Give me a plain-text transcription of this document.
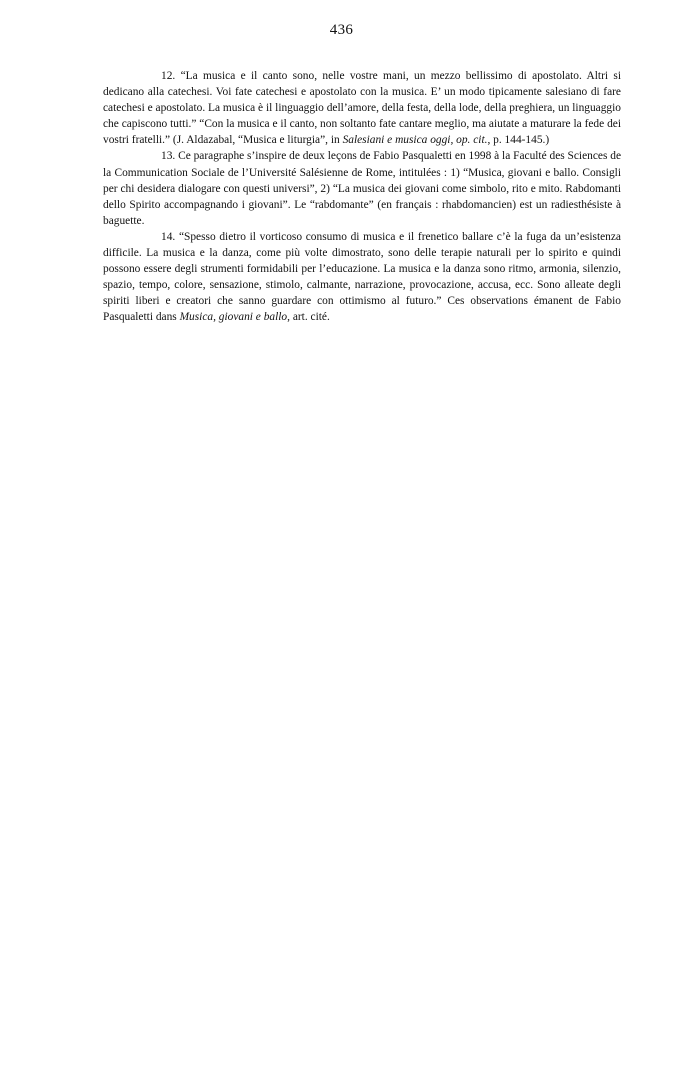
436

12. “La musica e il canto sono, nelle vostre mani, un mezzo bellissimo di apostolato. Altri si dedicano alla catechesi. Voi fate catechesi e apostolato con la musica. E’ un modo tipicamente salesiano di fare catechesi e apostolato. La musica è il linguaggio dell’amore, della festa, della lode, della preghiera, un linguaggio che capiscono tutti.” “Con la musica e il canto, non soltanto fate cantare meglio, ma aiutate a maturare la fede dei vostri fratelli.” (J. Aldazabal, “Musica e liturgia”, in Salesiani e musica oggi, op. cit., p. 144-145.)

13. Ce paragraphe s’inspire de deux leçons de Fabio Pasqualetti en 1998 à la Faculté des Sciences de la Communication Sociale de l’Université Salésienne de Rome, intitulées : 1) “Musica, giovani e ballo. Consigli per chi desidera dialogare con questi universi”, 2) “La musica dei giovani come simbolo, rito e mito. Rabdomanti dello Spirito accompagnando i giovani”. Le “rabdomante” (en français : rhabdomancien) est un radiesthésiste à baguette.

14. “Spesso dietro il vorticoso consumo di musica e il frenetico ballare c’è la fuga da un’esistenza difficile. La musica e la danza, come più volte dimostrato, sono delle terapie naturali per lo spirito e quindi possono essere degli strumenti formidabili per l’educazione. La musica e la danza sono ritmo, armonia, silenzio, spazio, tempo, colore, sensazione, stimolo, calmante, narrazione, provocazione, accusa, ecc. Sono alleate degli spiriti liberi e creatori che sanno guardare con ottimismo al futuro.” Ces observations émanent de Fabio Pasqualetti dans Musica, giovani e ballo, art. cité.
